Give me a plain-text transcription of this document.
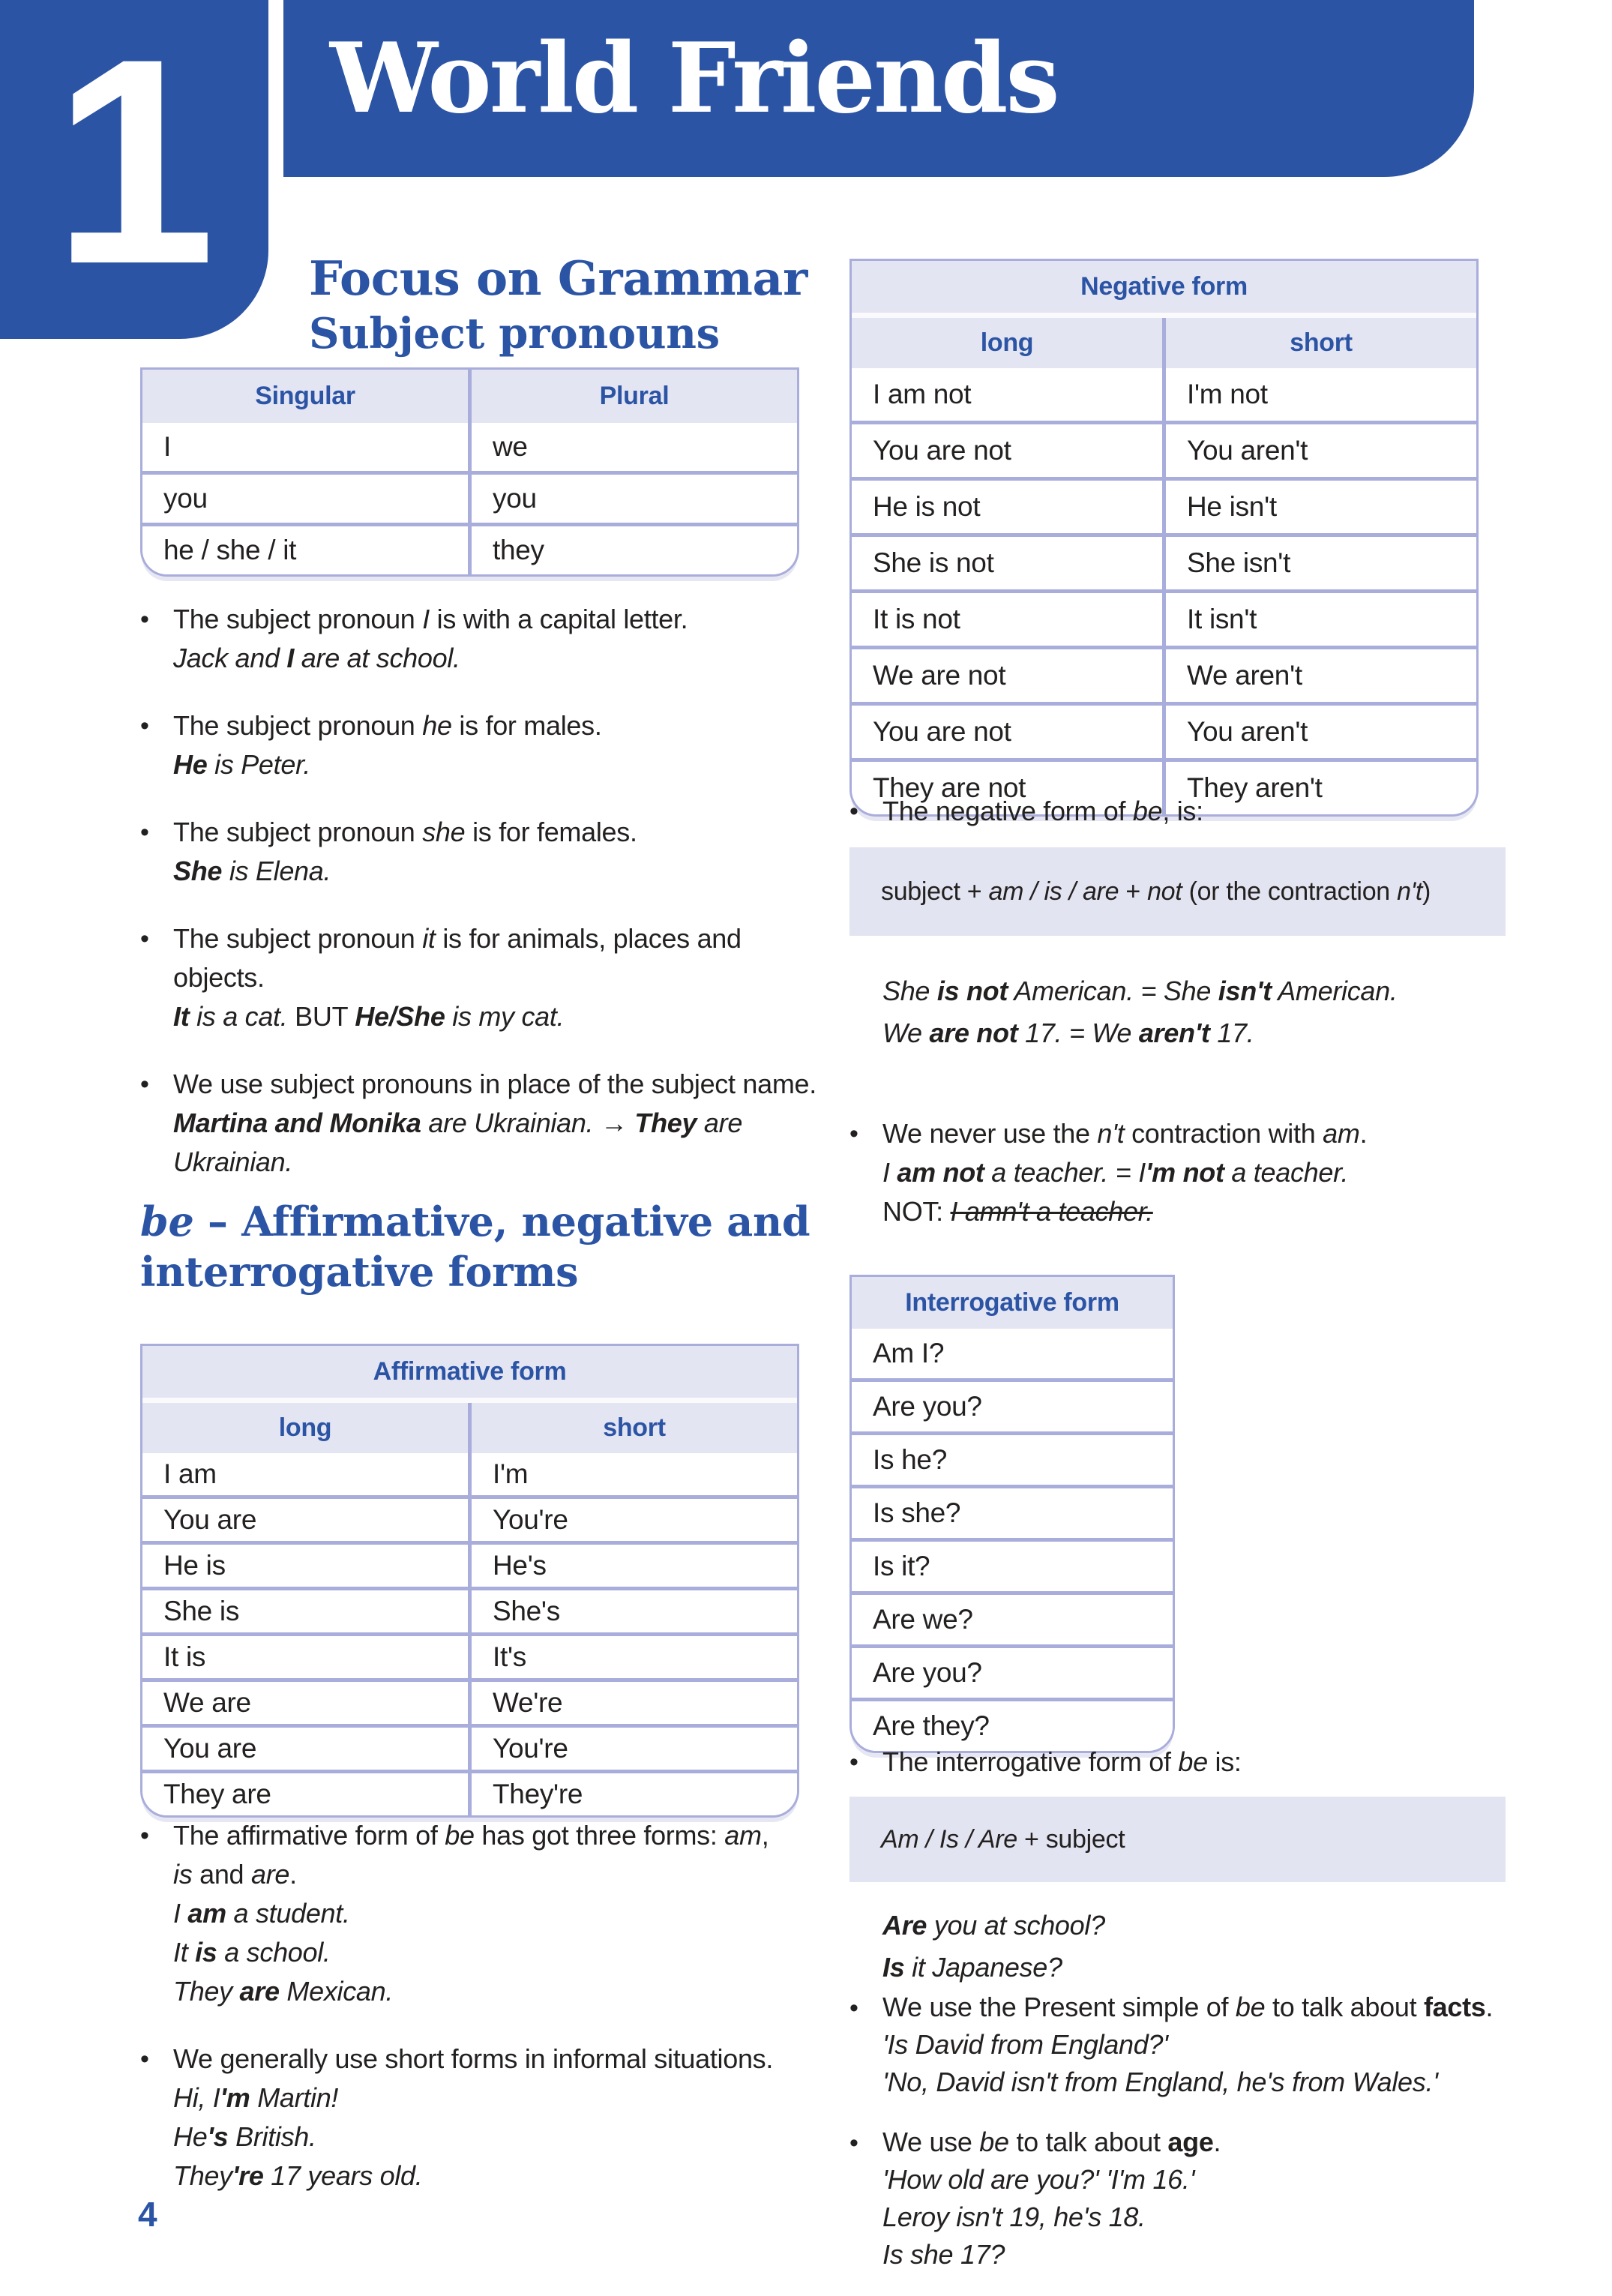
1 World Friends
Focus on Grammar
Subject pronouns
Singular	Plural
I	we
you	you
he / she / it	they
• The subject pronoun I is with a capital letter.
Jack and I are at school.
• The subject pronoun he is for males.
He is Peter.
• The subject pronoun she is for females.
She is Elena.
• The subject pronoun it is for animals, places and
objects.
It is a cat. BUT He/She is my cat.
• We use subject pronouns in place of the subject name.
Martina and Monika are Ukrainian. → They are
Ukrainian.
be – Affirmative, negative and
interrogative forms
Affirmative form
long	short
I am	I'm
You are	You're
He is	He's
She is	She's
It is	It's
We are	We're
You are	You're
They are	They're
• The affirmative form of be has got three forms: am,
is and are.
I am a student.
It is a school.
They are Mexican.
• We generally use short forms in informal situations.
Hi, I'm Martin!
He's British.
They're 17 years old.
Negative form
long	short
I am not	I'm not
You are not	You aren't
He is not	He isn't
She is not	She isn't
It is not	It isn't
We are not	We aren't
You are not	You aren't
They are not	They aren't
• The negative form of be, is:
subject + am / is / are + not (or the contraction n't )
She is not American. = She isn't American.
We are not 17. = We aren't 17.
• We never use the n't contraction with am.
I am not a teacher. = I'm not a teacher.
NOT: I amn't a teacher.
Interrogative form
Am I?
Are you?
Is he?
Is she?
Is it?
Are we?
Are you?
Are they?
• The interrogative form of be is:
Am / Is / Are + subject
Are you at school?
Is it Japanese?
• We use the Present simple of be to talk about facts.
'Is David from England?'
'No, David isn't from England, he's from Wales.'
• We use be to talk about age.
'How old are you?' 'I'm 16.'
Leroy isn't 19, he's 18.
Is she 17?
4
